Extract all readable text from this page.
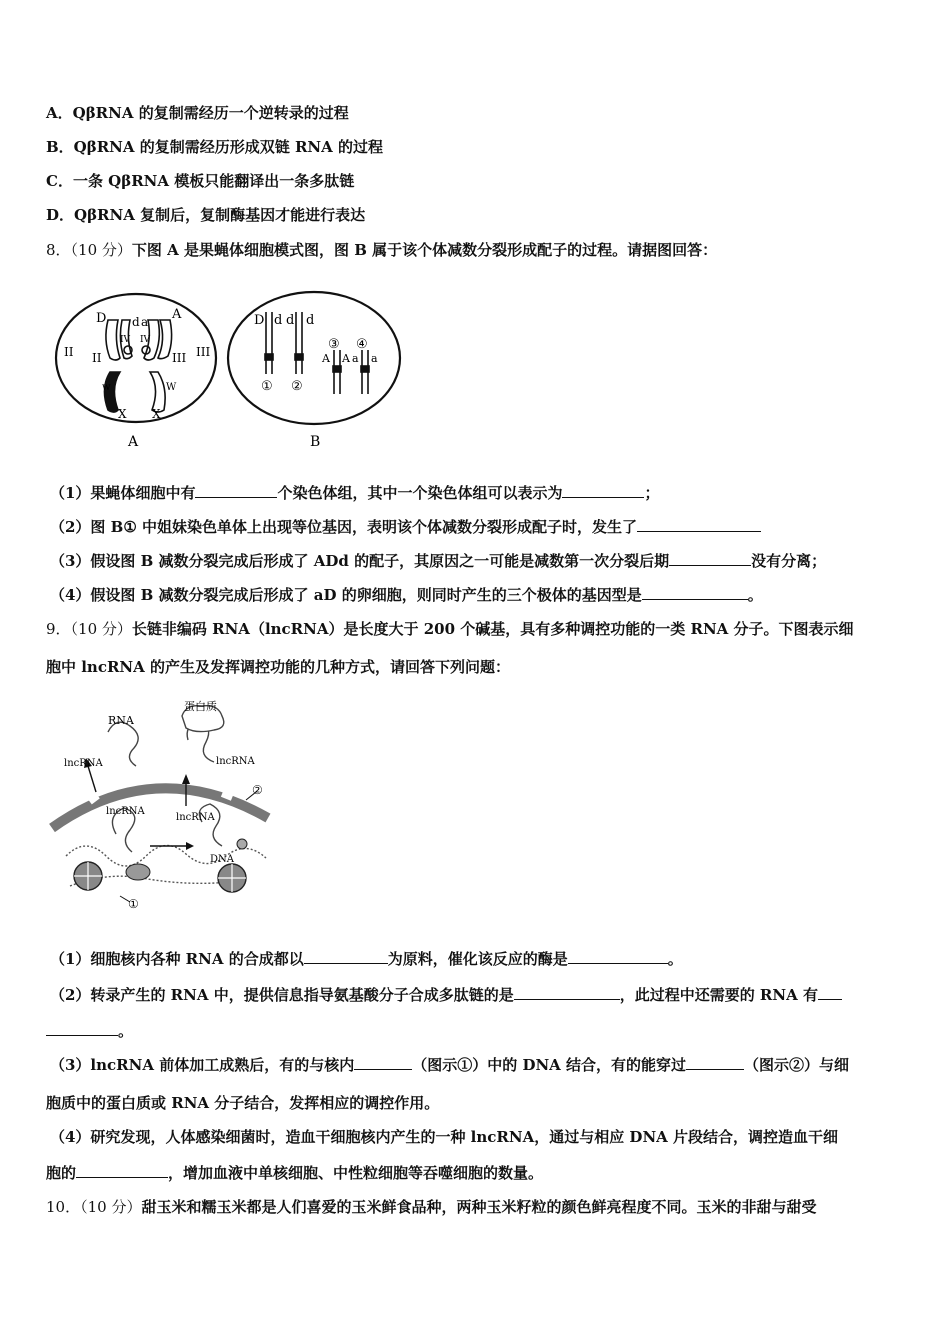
A．QβRNA 的复制需经历一个逆转录的过程
B．QβRNA 的复制需经历形成双链 RNA 的过程
C．一条 QβRNA 模板只能翻译出一条多肽链
D．QβRNA 复制后，复制酶基因才能进行表达
8．（10 分）下图 A 是果蝇体细胞模式图，图 B 属于该个体减数分裂形成配子的过程。请据图回答：
D	A
d a
II II	III III
IV IV
w	W
X X
A
D d d d
① ②
③ ④
A A a a
B
（1）果蝇体细胞中有	个染色体组，其中一个染色体组可以表示为	；
（2）图 B① 中姐妹染色单体上出现等位基因，表明该个体减数分裂形成配子时，发生了
（3）假设图 B 减数分裂完成后形成了 ADd 的配子，其原因之一可能是减数第一次分裂后期	没有分离；
（4）假设图 B 减数分裂完成后形成了 aD 的卵细胞，则同时产生的三个极体的基因型是	。
9．（10 分）长链非编码 RNA（lncRNA）是长度大于 200 个碱基，具有多种调控功能的一类 RNA 分子。下图表示细
胞中 lncRNA 的产生及发挥调控功能的几种方式，请回答下列问题：
RNA
蛋白质
lncRNA	lncRNA
lncRNA
lncRNA
DNA
②
①
（1）细胞核内各种 RNA 的合成都以	为原料，催化该反应的酶是	。
（2）转录产生的 RNA 中，提供信息指导氨基酸分子合成多肽链的是	，此过程中还需要的 RNA 有
。
（3）lncRNA 前体加工成熟后，有的与核内	（图示①）中的 DNA 结合，有的能穿过	（图示②）与细
胞质中的蛋白质或 RNA 分子结合，发挥相应的调控作用。
（4）研究发现，人体感染细菌时，造血干细胞核内产生的一种 lncRNA，通过与相应 DNA 片段结合，调控造血干细
胞的	，增加血液中单核细胞、中性粒细胞等吞噬细胞的数量。
10．（10 分）甜玉米和糯玉米都是人们喜爱的玉米鲜食品种，两种玉米籽粒的颜色鲜亮程度不同。玉米的非甜与甜受
